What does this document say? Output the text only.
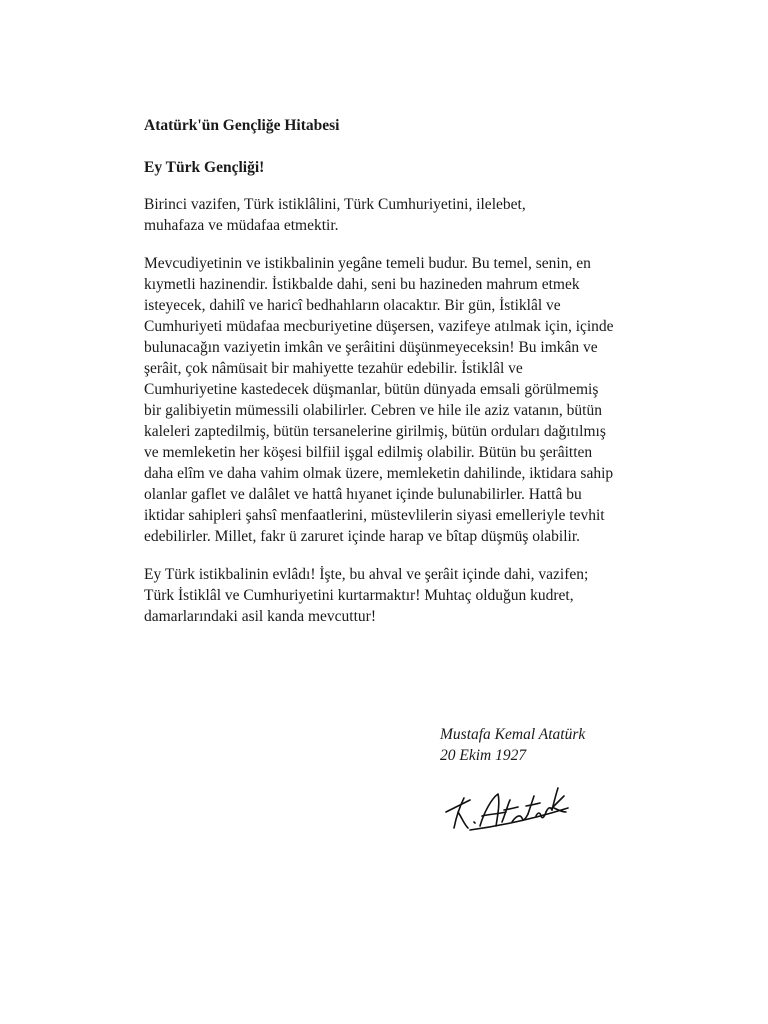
Atatürk'ün Gençliğe Hitabesi
Ey Türk Gençliği!

Birinci vazifen, Türk istiklâlini, Türk Cumhuriyetini, ilelebet, muhafaza ve müdafaa etmektir.

Mevcudiyetinin ve istikbalinin yegâne temeli budur. Bu temel, senin, en kıymetli hazinendir. İstikbalde dahi, seni bu hazineden mahrum etmek isteyecek, dahilî ve haricî bedhahların olacaktır. Bir gün, İstiklâl ve Cumhuriyeti müdafaa mecburiyetine düşersen, vazifeye atılmak için, içinde bulunacağın vaziyetin imkân ve şerâitini düşünmeyeceksin! Bu imkân ve şerâit, çok nâmüsait bir mahiyette tezahür edebilir. İstiklâl ve Cumhuriyetine kastedecek düşmanlar, bütün dünyada emsali görülmemiş bir galibiyetin mümessili olabilirler. Cebren ve hile ile aziz vatanın, bütün kaleleri zaptedilmiş, bütün tersanelerine girilmiş, bütün orduları dağıtılmış ve memleketin her köşesi bilfiil işgal edilmiş olabilir. Bütün bu şerâitten daha elîm ve daha vahim olmak üzere, memleketin dahilinde, iktidara sahip olanlar gaflet ve dalâlet ve hattâ hıyanet içinde bulunabilirler. Hattâ bu iktidar sahipleri şahsî menfaatlerini, müstevlilerin siyasi emelleriyle tevhit edebilirler. Millet, fakr ü zaruret içinde harap ve bîtap düşmüş olabilir.

Ey Türk istikbalinin evlâdı! İşte, bu ahval ve şerâit içinde dahi, vazifen; Türk İstiklâl ve Cumhuriyetini kurtarmaktır! Muhtaç olduğun kudret, damarlarındaki asil kanda mevcuttur!

Mustafa Kemal Atatürk
20 Ekim 1927
